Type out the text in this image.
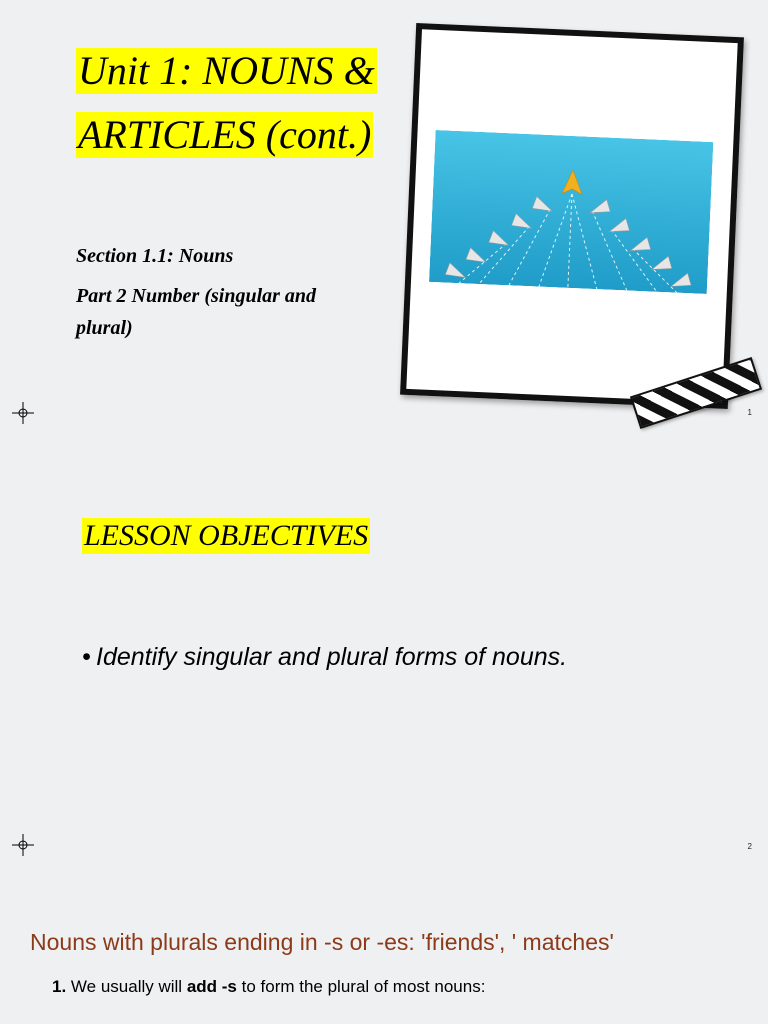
Unit 1: NOUNS &
ARTICLES (cont.)
Section 1.1: Nouns
Part 2 Number (singular and plural)
1
LESSON OBJECTIVES
• Identify singular and plural forms of nouns.
2
Nouns with plurals ending in -s or -es: 'friends', ' matches'
1. We usually will add -s to form the plural of most nouns:
